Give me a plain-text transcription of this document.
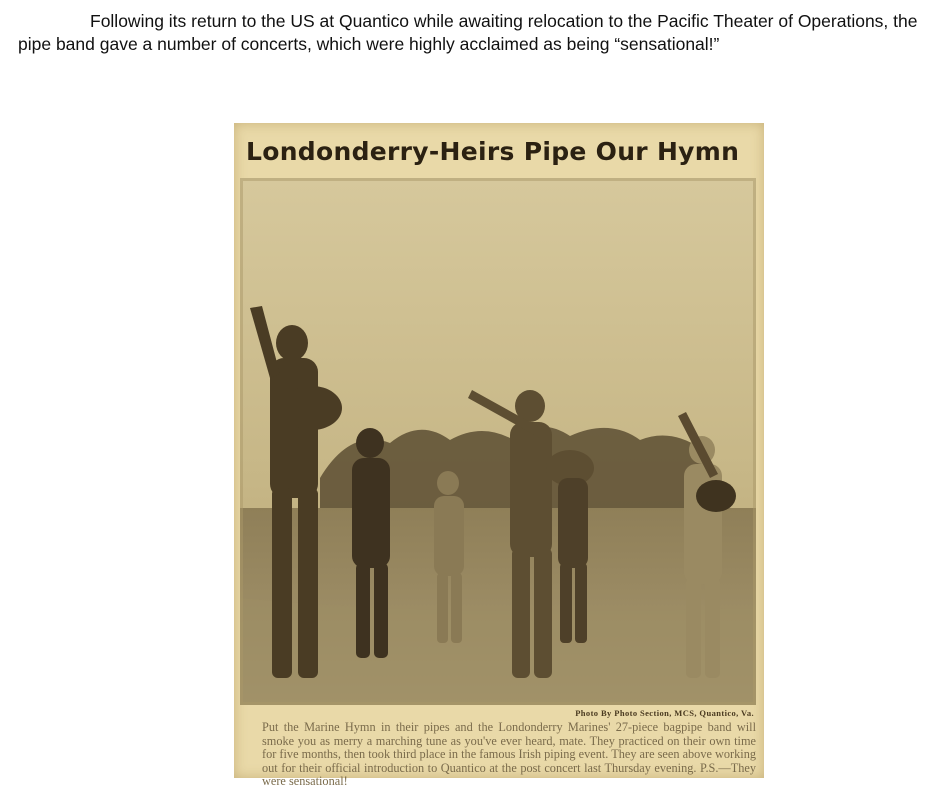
Following its return to the US at Quantico while awaiting relocation to the Pacific Theater of Operations, the pipe band gave a number of concerts, which were highly acclaimed as being “sensational!”

Londonderry-Heirs Pipe Our Hymn
Photo By Photo Section, MCS, Quantico, Va.

Put the Marine Hymn in their pipes and the Londonderry Marines' 27-piece bagpipe band will smoke you as merry a marching tune as you've ever heard, mate. They practiced on their own time for five months, then took third place in the famous Irish piping event. They are seen above working out for their official introduction to Quantico at the post concert last Thursday evening. P.S.—They were sensational!
